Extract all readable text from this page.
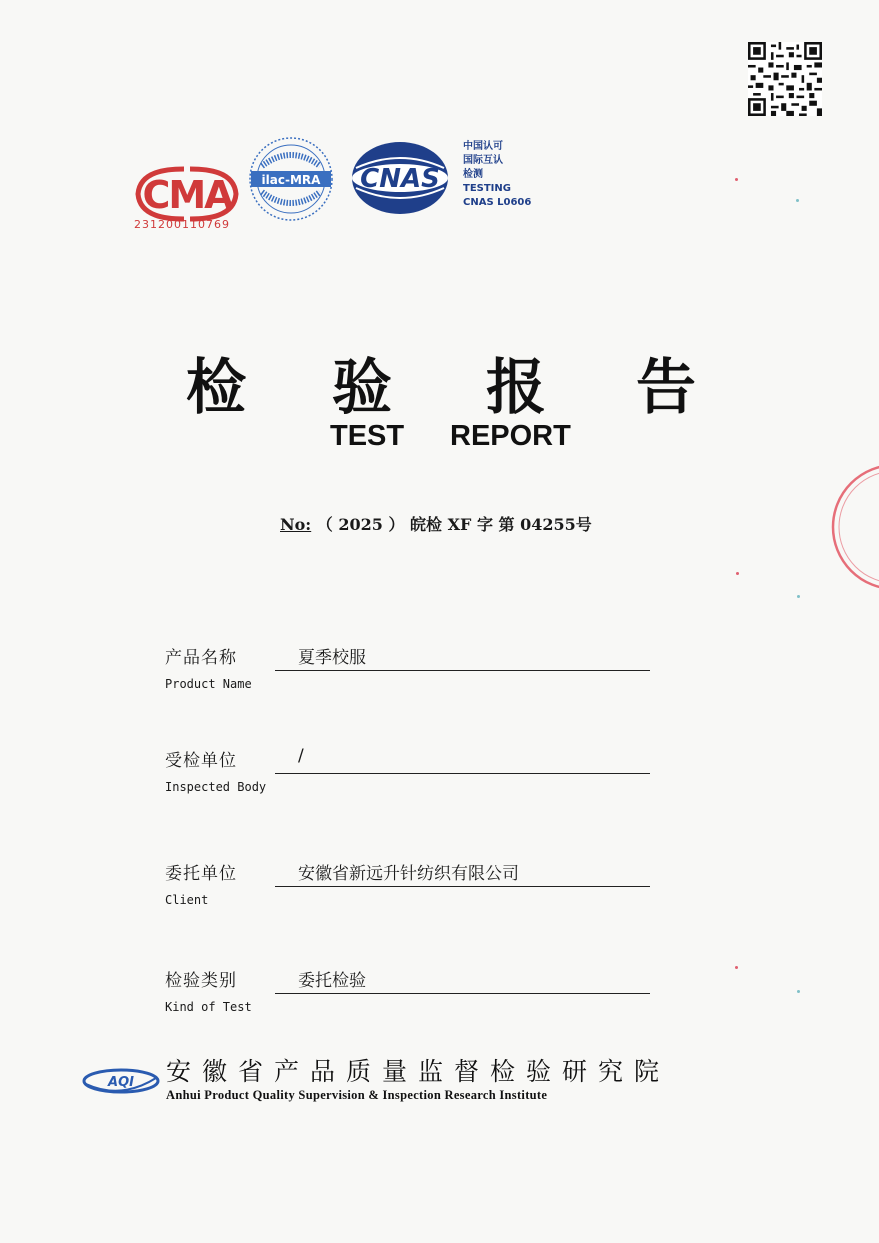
CMA
231200110769
ilac-MRA CNAS
中国认可
国际互认
检测
TESTING
CNAS L0606
检 验 报 告
TEST REPORT
No: （ 2025 ） 皖检 XF 字 第 04255号
产品名称
Product Name
夏季校服
受检单位
Inspected Body
/
委托单位
Client
安徽省新远升针纺织有限公司
检验类别
Kind of Test
委托检验
AQI 安徽省产品质量监督检验研究院
Anhui Product Quality Supervision & Inspection Research Institute
